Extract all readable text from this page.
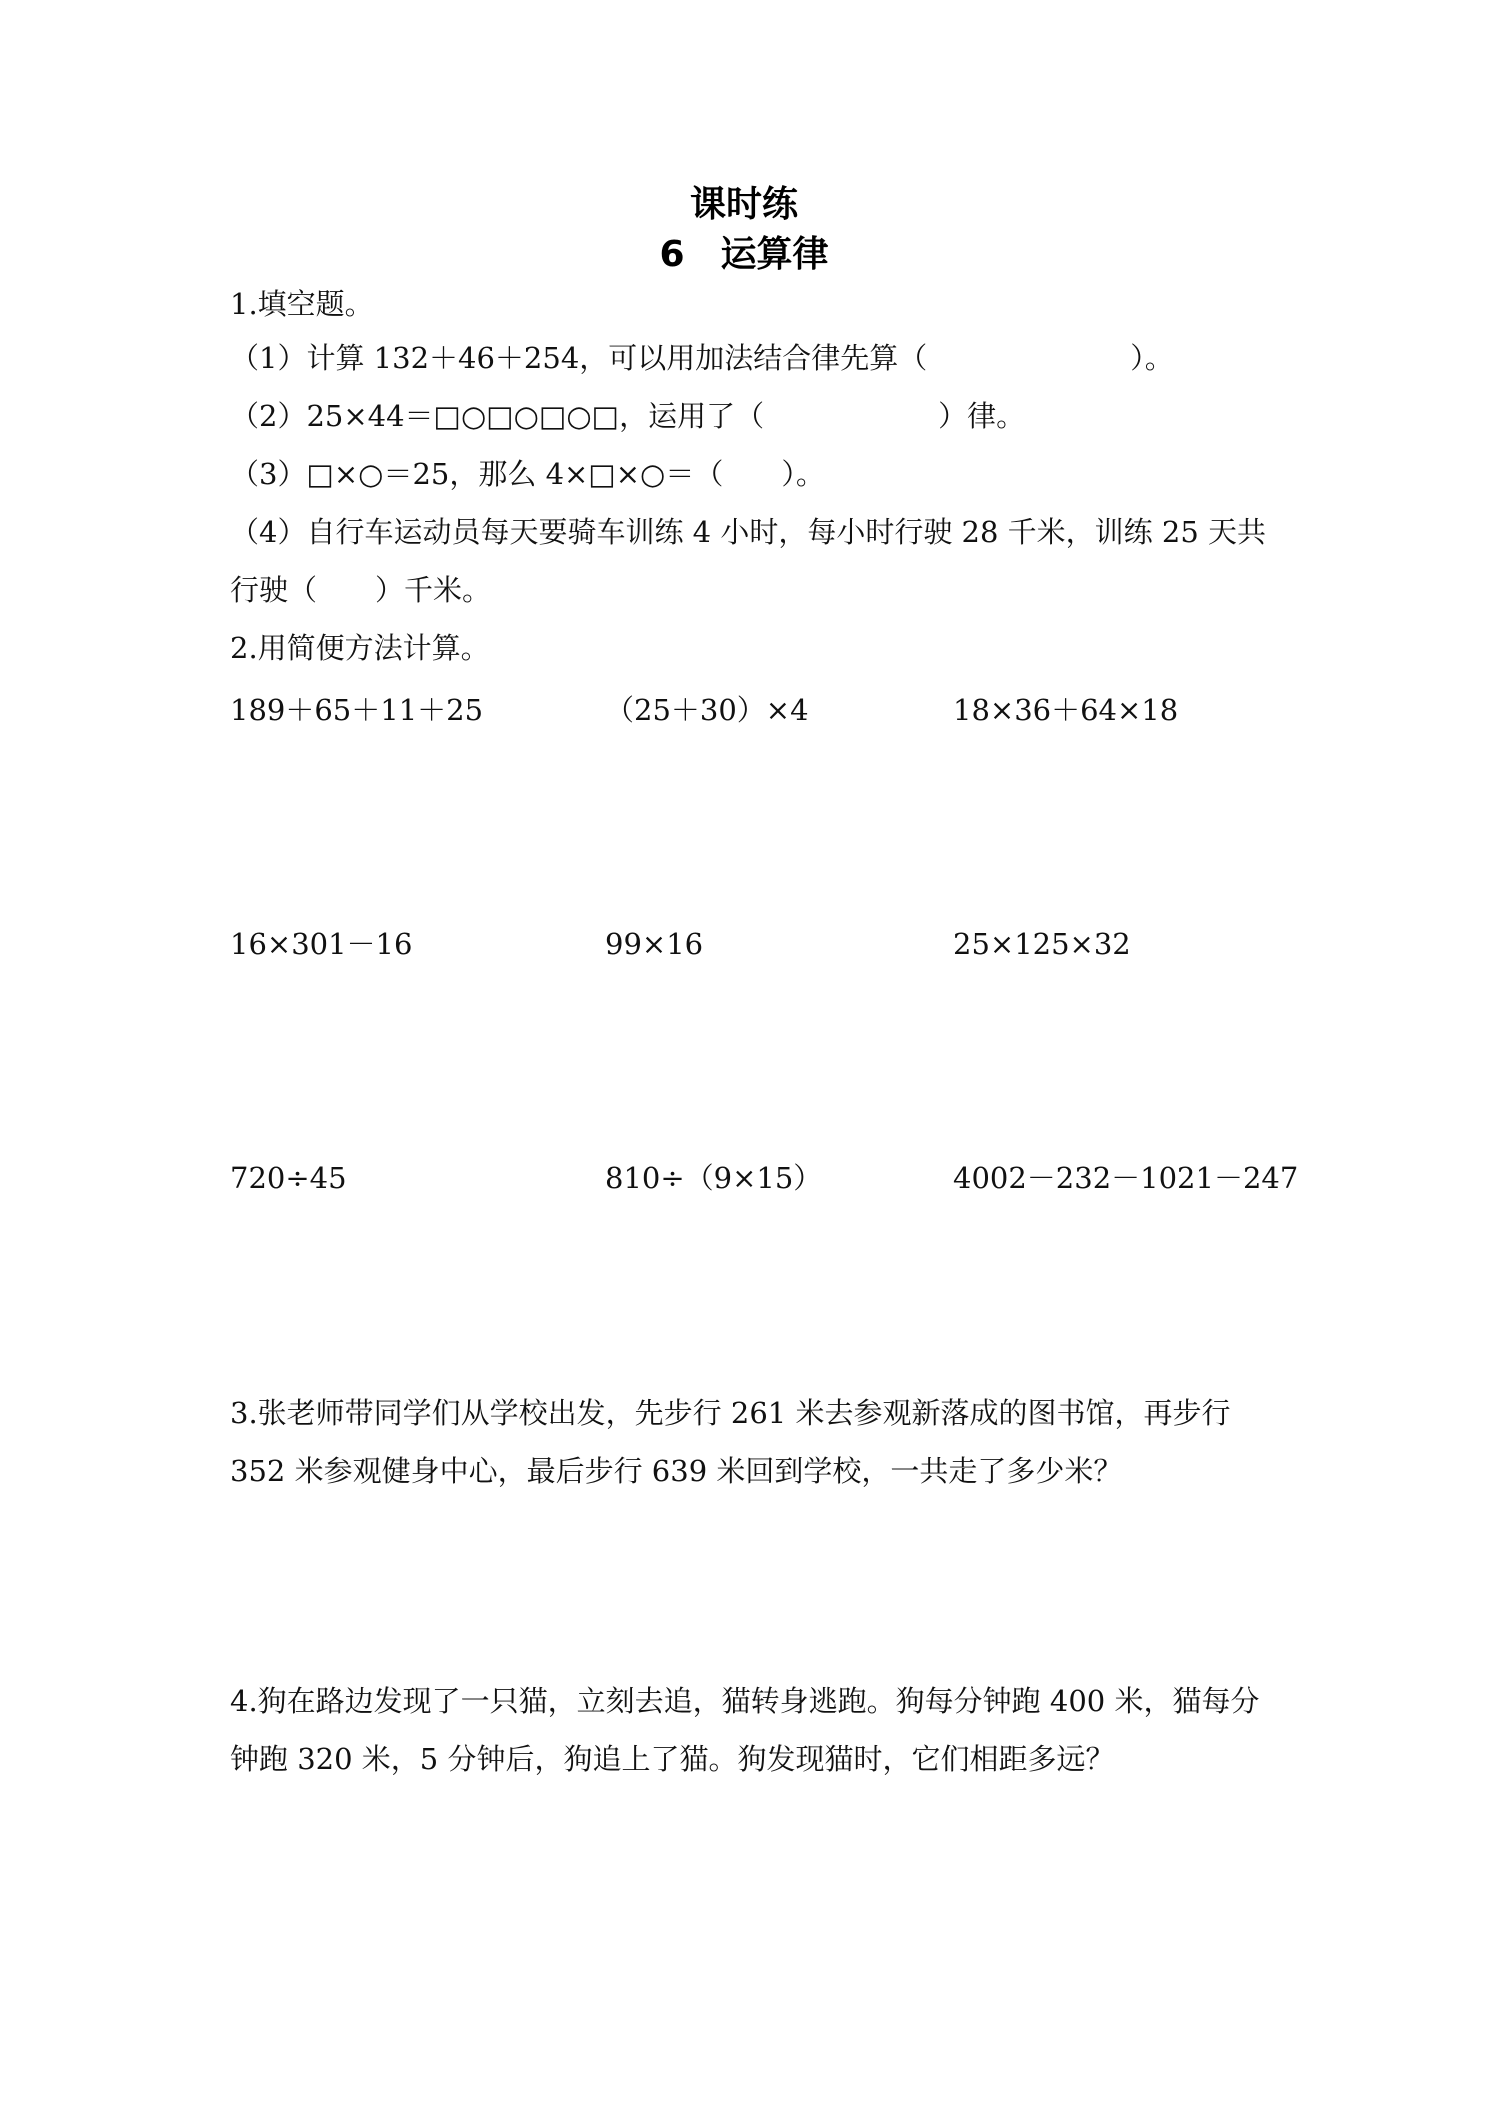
课时练
6　运算律
1.填空题。
（1）计算 132＋46＋254，可以用加法结合律先算（　　　　　　　）。
（2）25×44＝□○□○□○□，运用了（　　　　　　）律。
（3）□×○＝25，那么 4×□×○＝（　　）。
（4）自行车运动员每天要骑车训练 4 小时，每小时行驶 28 千米，训练 25 天共
行驶（　　）千米。
2.用简便方法计算。
189＋65＋11＋25	（25＋30）×4	18×36＋64×18
16×301－16	99×16	25×125×32
720÷45	810÷（9×15）	4002－232－1021－247
3.张老师带同学们从学校出发，先步行 261 米去参观新落成的图书馆，再步行
352 米参观健身中心，最后步行 639 米回到学校，一共走了多少米？
4.狗在路边发现了一只猫，立刻去追，猫转身逃跑。狗每分钟跑 400 米，猫每分
钟跑 320 米，5 分钟后，狗追上了猫。狗发现猫时，它们相距多远？
